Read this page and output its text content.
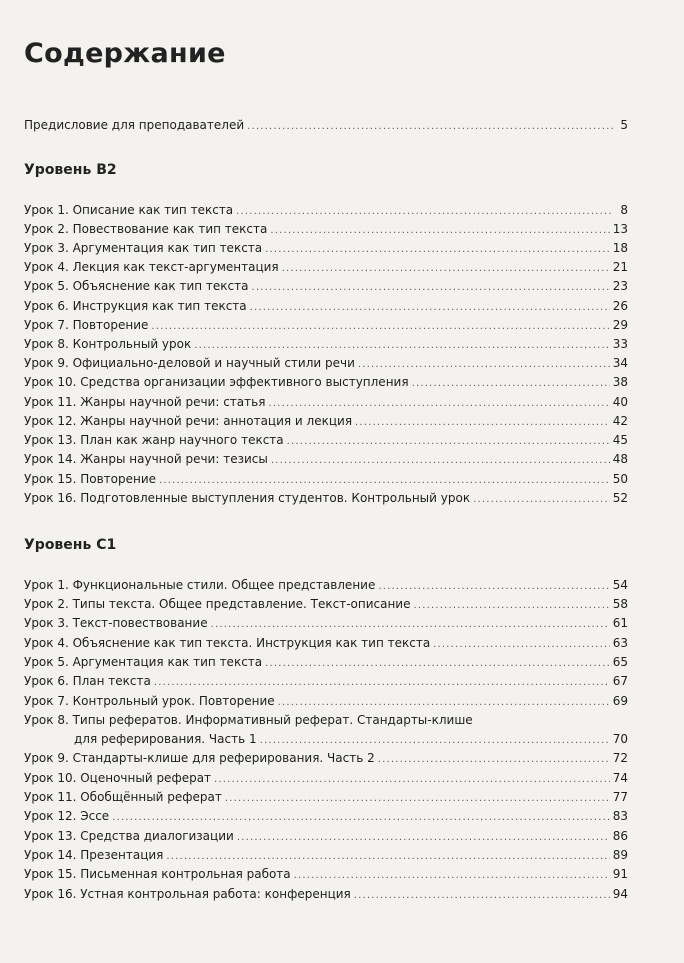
Содержание
Предисловие для преподавателей .....	5
Уровень В2
Урок 1. Описание как тип текста .....	8
Урок 2. Повествование как тип текста .....	13
Урок 3. Аргументация как тип текста .....	18
Урок 4. Лекция как текст-аргументация .....	21
Урок 5. Объяснение как тип текста .....	23
Урок 6. Инструкция как тип текста .....	26
Урок 7. Повторение .....	29
Урок 8. Контрольный урок .....	33
Урок 9. Официально-деловой и научный стили речи .....	34
Урок 10. Средства организации эффективного выступления .....	38
Урок 11. Жанры научной речи: статья .....	40
Урок 12. Жанры научной речи: аннотация и лекция .....	42
Урок 13. План как жанр научного текста .....	45
Урок 14. Жанры научной речи: тезисы .....	48
Урок 15. Повторение .....	50
Урок 16. Подготовленные выступления студентов. Контрольный урок .....	52
Уровень С1
Урок 1. Функциональные стили. Общее представление .....	54
Урок 2. Типы текста. Общее представление. Текст-описание .....	58
Урок 3. Текст-повествование .....	61
Урок 4. Объяснение как тип текста. Инструкция как тип текста .....	63
Урок 5. Аргументация как тип текста .....	65
Урок 6. План текста .....	67
Урок 7. Контрольный урок. Повторение .....	69
Урок 8. Типы рефератов. Информативный реферат. Стандарты-клише
для реферирования. Часть 1 .....	70
Урок 9. Стандарты-клише для реферирования. Часть 2 .....	72
Урок 10. Оценочный реферат .....	74
Урок 11. Обобщённый реферат .....	77
Урок 12. Эссе .....	83
Урок 13. Средства диалогизации .....	86
Урок 14. Презентация .....	89
Урок 15. Письменная контрольная работа .....	91
Урок 16. Устная контрольная работа: конференция .....	94
